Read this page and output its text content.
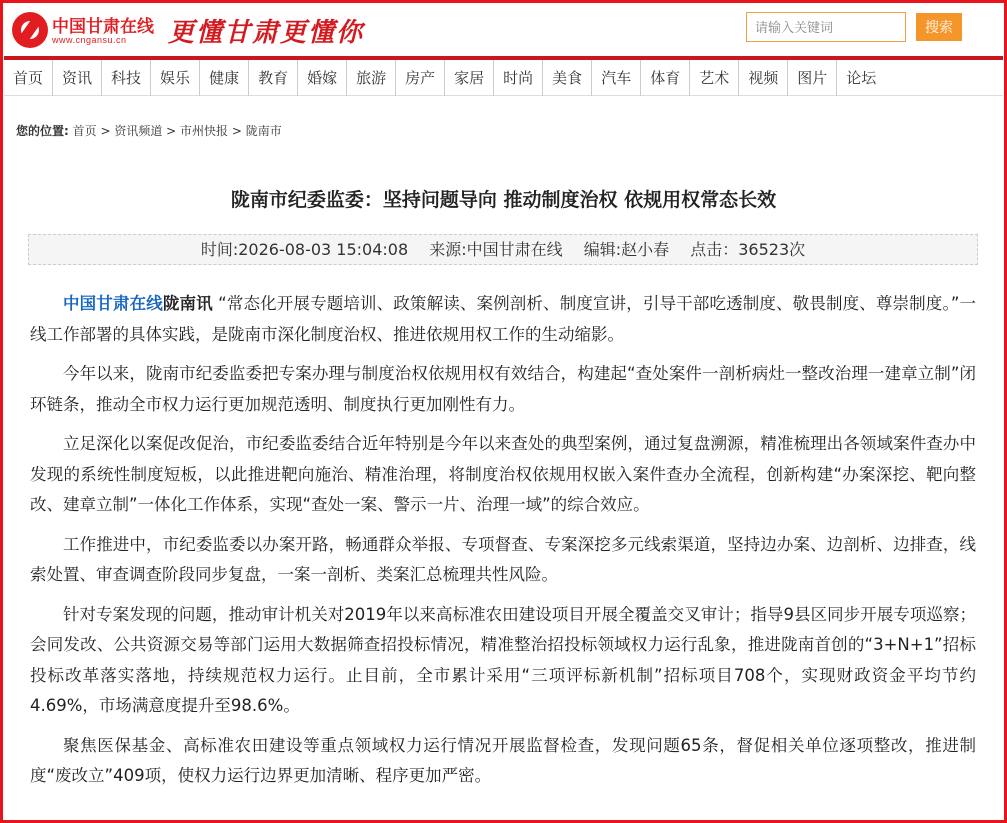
中国甘肃在线
www.cngansu.cn 更懂甘肃更懂你
请输入关键词	搜索
首页	资讯	科技	娱乐	健康	教育	婚嫁	旅游	房产	家居	时尚	美食	汽车	体育	艺术	视频	图片	论坛
您的位置: 首页 > 资讯频道 > 市州快报 > 陇南市
陇南市纪委监委：坚持问题导向 推动制度治权 依规用权常态长效
时间:2026-08-03 15:04:08 来源:中国甘肃在线 编辑:赵小春 点击：36523次

中国甘肃在线陇南讯 “常态化开展专题培训、政策解读、案例剖析、制度宣讲，引导干部吃透制度、敬畏制度、尊崇制度。”一线工作部署的具体实践，是陇南市深化制度治权、推进依规用权工作的生动缩影。

今年以来，陇南市纪委监委把专案办理与制度治权依规用权有效结合，构建起“查处案件一剖析病灶一整改治理一建章立制”闭环链条，推动全市权力运行更加规范透明、制度执行更加刚性有力。

立足深化以案促改促治，市纪委监委结合近年特别是今年以来查处的典型案例，通过复盘溯源，精准梳理出各领域案件查办中发现的系统性制度短板，以此推进靶向施治、精准治理，将制度治权依规用权嵌入案件查办全流程，创新构建“办案深挖、靶向整改、建章立制”一体化工作体系，实现“查处一案、警示一片、治理一域”的综合效应。

工作推进中，市纪委监委以办案开路，畅通群众举报、专项督查、专案深挖多元线索渠道，坚持边办案、边剖析、边排查，线索处置、审查调查阶段同步复盘，一案一剖析、类案汇总梳理共性风险。

针对专案发现的问题，推动审计机关对2019年以来高标准农田建设项目开展全覆盖交叉审计；指导9县区同步开展专项巡察；会同发改、公共资源交易等部门运用大数据筛查招投标情况，精准整治招投标领域权力运行乱象，推进陇南首创的“3+N+1”招标投标改革落实落地，持续规范权力运行。止目前，全市累计采用“三项评标新机制”招标项目708个，实现财政资金平均节约4.69%，市场满意度提升至98.6%。

聚焦医保基金、高标准农田建设等重点领域权力运行情况开展监督检查，发现问题65条，督促相关单位逐项整改，推进制度“废改立”409项，使权力运行边界更加清晰、程序更加严密。
